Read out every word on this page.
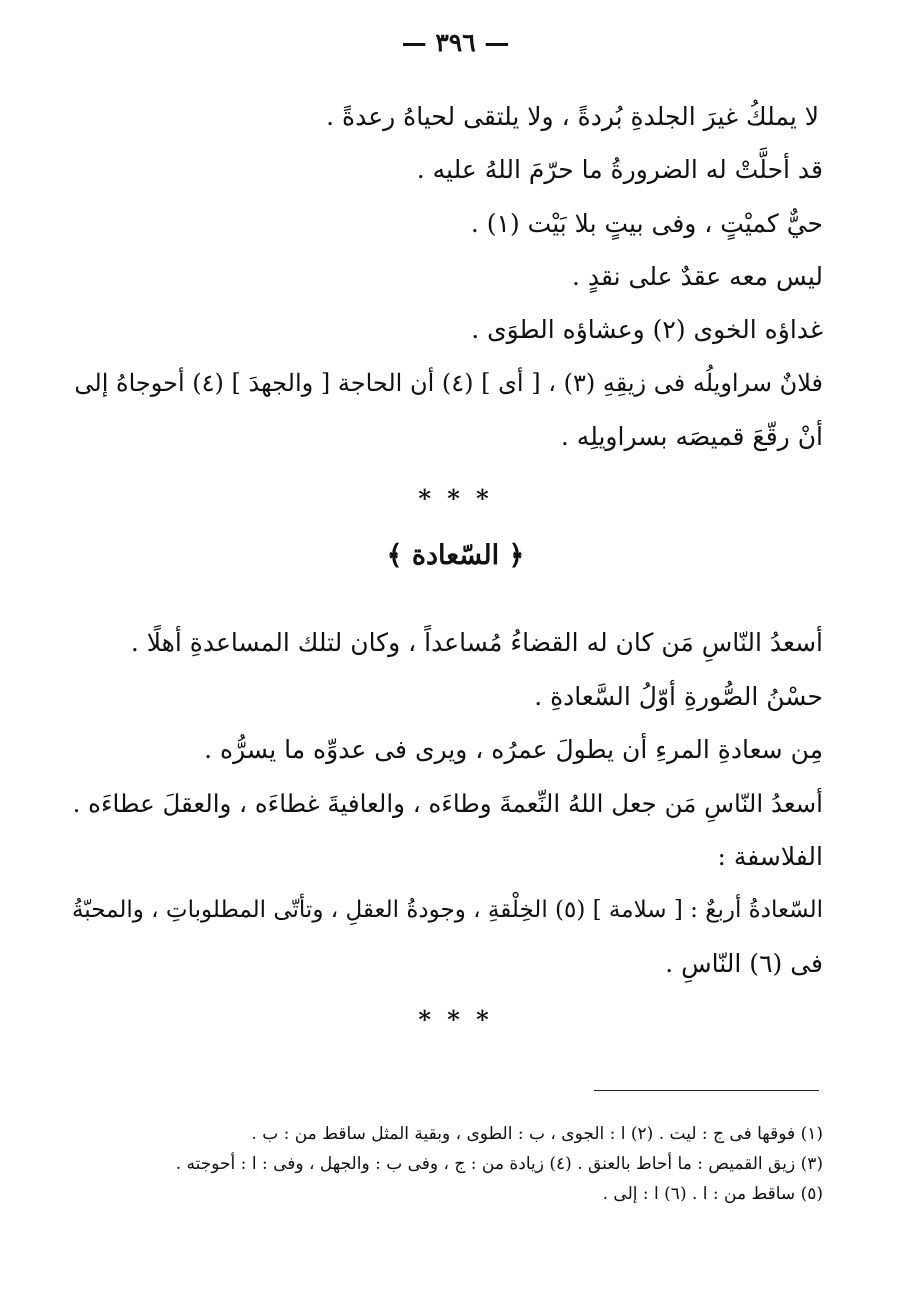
— ٣٩٦ —
لا يملكُ غيرَ الجلدةِ بُردةً ، ولا يلتقى لحياهُ رعدةً .
قد أحلَّتْ له الضرورةُ ما حرّمَ اللهُ عليه .
حيٌّ كميْتٍ ، وفى بيتٍ بلا بَيْت (١) .
ليس معه عقدٌ على نقدٍ .
غداؤه الخوى (٢) وعشاؤه الطوَى .
فلانٌ سراويلُه فى زيقِهِ (٣) ، [ أى ] (٤) أن الحاجة [ والجهدَ ] (٤) أحوجاهُ إلى
أنْ رقّعَ قميصَه بسراويلِه .
* * *
﴿ السّعادة ﴾
أسعدُ النّاسِ مَن كان له القضاءُ مُساعداً ، وكان لتلك المساعدةِ أهلًا .
حسْنُ الصُّورةِ أوّلُ السَّعادةِ .
مِن سعادةِ المرءِ أن يطولَ عمرُه ، ويرى فى عدوِّه ما يسرُّه .
أسعدُ النّاسِ مَن جعل اللهُ النِّعمةَ وطاءَه ، والعافيةَ غطاءَه ، والعقلَ عطاءَه .
الفلاسفة :
السّعادةُ أربعٌ : [ سلامة ] (٥) الخِلْقةِ ، وجودةُ العقلِ ، وتأتّى المطلوباتِ ، والمحبّةُ
فى (٦) النّاسِ .
* * *
(١) فوقها فى ج : ليت . (٢) ا : الجوى ، ب : الطوى ، وبقية المثل ساقط من : ب .
(٣) زيق القميص : ما أحاط بالعنق . (٤) زيادة من : ج ، وفى ب : والجهل ، وفى : ا : أحوجته .
(٥) ساقط من : ا . (٦) ا : إلى .
